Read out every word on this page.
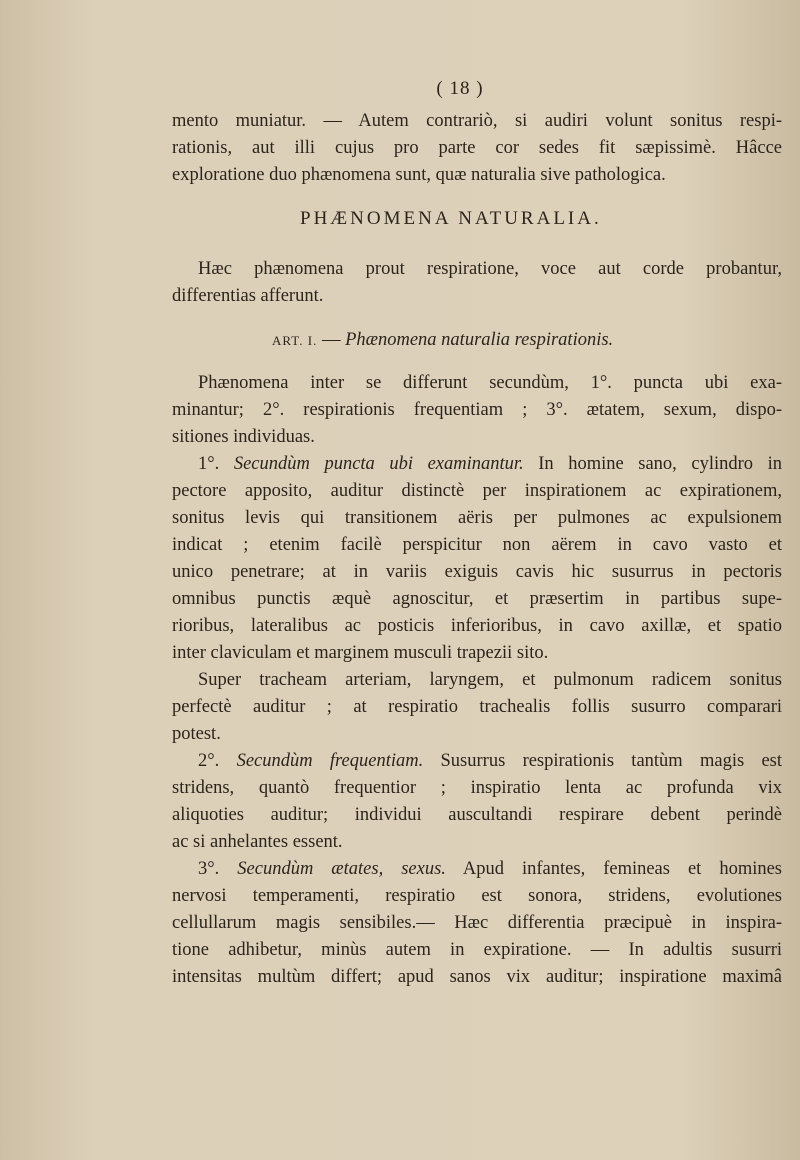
( 18 )
mento muniatur. — Autem contrariò, si audiri volunt sonitus respi-
rationis, aut illi cujus pro parte cor sedes fit sæpissimè. Hâcce
exploratione duo phænomena sunt, quæ naturalia sive pathologica.
PHÆNOMENA NATURALIA.
Hæc phænomena prout respiratione, voce aut corde probantur,
differentias afferunt.
ART. I. — Phænomena naturalia respirationis.
Phænomena inter se differunt secundùm, 1°. puncta ubi exa-
minantur; 2°. respirationis frequentiam ; 3°. ætatem, sexum, dispo-
sitiones individuas.
1°. Secundùm puncta ubi examinantur. In homine sano, cylindro in
pectore apposito, auditur distinctè per inspirationem ac expirationem,
sonitus levis qui transitionem aëris per pulmones ac expulsionem
indicat ; etenim facilè perspicitur non aërem in cavo vasto et
unico penetrare; at in variis exiguis cavis hic susurrus in pectoris
omnibus punctis æquè agnoscitur, et præsertim in partibus supe-
rioribus, lateralibus ac posticis inferioribus, in cavo axillæ, et spatio
inter claviculam et marginem musculi trapezii sito.
Super tracheam arteriam, laryngem, et pulmonum radicem sonitus
perfectè auditur ; at respiratio trachealis follis susurro comparari
potest.
2°. Secundùm frequentiam. Susurrus respirationis tantùm magis est
stridens, quantò frequentior ; inspiratio lenta ac profunda vix
aliquoties auditur; individui auscultandi respirare debent perindè
ac si anhelantes essent.
3°. Secundùm ætates, sexus. Apud infantes, femineas et homines
nervosi temperamenti, respiratio est sonora, stridens, evolutiones
cellullarum magis sensibiles.— Hæc differentia præcipuè in inspira-
tione adhibetur, minùs autem in expiratione. — In adultis susurri
intensitas multùm differt; apud sanos vix auditur; inspiratione maximâ
